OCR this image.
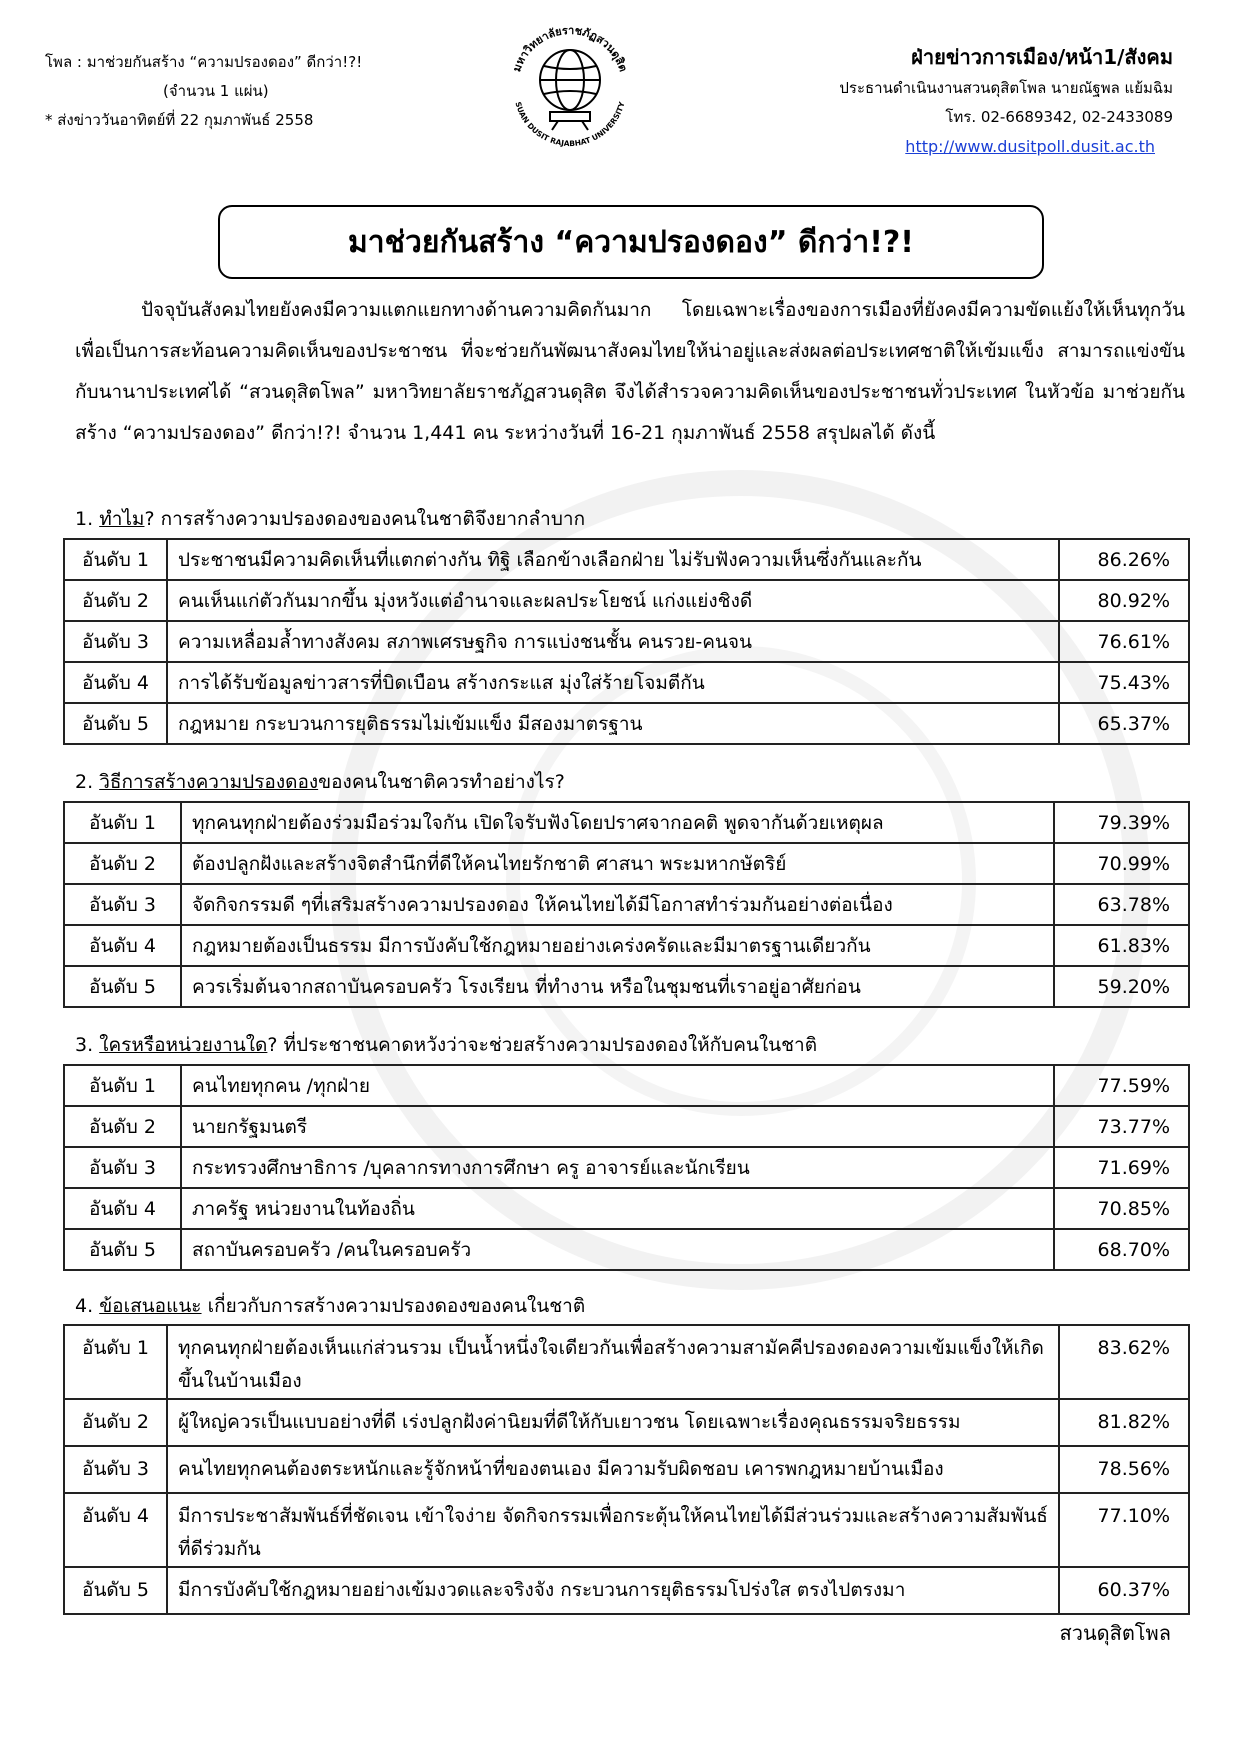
โพล : มาช่วยกันสร้าง “ความปรองดอง” ดีกว่า!?!
(จำนวน 1 แผ่น)
* ส่งข่าววันอาทิตย์ที่ 22 กุมภาพันธ์ 2558
มหาวิทยาลัยราชภัฏสวนดุสิต
SUAN DUSIT RAJABHAT UNIVERSITY
ฝ่ายข่าวการเมือง/หน้า1/สังคม
ประธานดำเนินงานสวนดุสิตโพล นายณัฐพล แย้มฉิม
โทร. 02-6689342, 02-2433089
http://www.dusitpoll.dusit.ac.th
มาช่วยกันสร้าง “ความปรองดอง” ดีกว่า!?!
ปัจจุบันสังคมไทยยังคงมีความแตกแยกทางด้านความคิดกันมาก โดยเฉพาะเรื่องของการเมืองที่ยังคงมีความขัดแย้งให้เห็นทุกวัน เพื่อเป็นการสะท้อนความคิดเห็นของประชาชน ที่จะช่วยกันพัฒนาสังคมไทยให้น่าอยู่และส่งผลต่อประเทศชาติให้เข้มแข็ง สามารถแข่งขันกับนานาประเทศได้ “สวนดุสิตโพล” มหาวิทยาลัยราชภัฏสวนดุสิต จึงได้สำรวจความคิดเห็นของประชาชนทั่วประเทศ ในหัวข้อ มาช่วยกันสร้าง “ความปรองดอง” ดีกว่า!?! จำนวน 1,441 คน ระหว่างวันที่ 16-21 กุมภาพันธ์ 2558 สรุปผลได้ ดังนี้
1. ทำไม? การสร้างความปรองดองของคนในชาติจึงยากลำบาก
อันดับ 1	ประชาชนมีความคิดเห็นที่แตกต่างกัน ทิฐิ เลือกข้างเลือกฝ่าย ไม่รับฟังความเห็นซึ่งกันและกัน	86.26%
อันดับ 2	คนเห็นแก่ตัวกันมากขึ้น มุ่งหวังแต่อำนาจและผลประโยชน์ แก่งแย่งชิงดี	80.92%
อันดับ 3	ความเหลื่อมล้ำทางสังคม สภาพเศรษฐกิจ การแบ่งชนชั้น คนรวย-คนจน	76.61%
อันดับ 4	การได้รับข้อมูลข่าวสารที่บิดเบือน สร้างกระแส มุ่งใส่ร้ายโจมตีกัน	75.43%
อันดับ 5	กฎหมาย กระบวนการยุติธรรมไม่เข้มแข็ง มีสองมาตรฐาน	65.37%
2. วิธีการสร้างความปรองดองของคนในชาติควรทำอย่างไร?
อันดับ 1	ทุกคนทุกฝ่ายต้องร่วมมือร่วมใจกัน เปิดใจรับฟังโดยปราศจากอคติ พูดจากันด้วยเหตุผล	79.39%
อันดับ 2	ต้องปลูกฝังและสร้างจิตสำนึกที่ดีให้คนไทยรักชาติ ศาสนา พระมหากษัตริย์	70.99%
อันดับ 3	จัดกิจกรรมดี ๆที่เสริมสร้างความปรองดอง ให้คนไทยได้มีโอกาสทำร่วมกันอย่างต่อเนื่อง	63.78%
อันดับ 4	กฎหมายต้องเป็นธรรม มีการบังคับใช้กฎหมายอย่างเคร่งครัดและมีมาตรฐานเดียวกัน	61.83%
อันดับ 5	ควรเริ่มต้นจากสถาบันครอบครัว โรงเรียน ที่ทำงาน หรือในชุมชนที่เราอยู่อาศัยก่อน	59.20%
3. ใครหรือหน่วยงานใด? ที่ประชาชนคาดหวังว่าจะช่วยสร้างความปรองดองให้กับคนในชาติ
อันดับ 1	คนไทยทุกคน /ทุกฝ่าย	77.59%
อันดับ 2	นายกรัฐมนตรี	73.77%
อันดับ 3	กระทรวงศึกษาธิการ /บุคลากรทางการศึกษา ครู อาจารย์และนักเรียน	71.69%
อันดับ 4	ภาครัฐ หน่วยงานในท้องถิ่น	70.85%
อันดับ 5	สถาบันครอบครัว /คนในครอบครัว	68.70%
4. ข้อเสนอแนะ เกี่ยวกับการสร้างความปรองดองของคนในชาติ
อันดับ 1	ทุกคนทุกฝ่ายต้องเห็นแก่ส่วนรวม เป็นน้ำหนึ่งใจเดียวกันเพื่อสร้างความสามัคคีปรองดองความเข้มแข็งให้เกิดขึ้นในบ้านเมือง	83.62%
อันดับ 2	ผู้ใหญ่ควรเป็นแบบอย่างที่ดี เร่งปลูกฝังค่านิยมที่ดีให้กับเยาวชน โดยเฉพาะเรื่องคุณธรรมจริยธรรม	81.82%
อันดับ 3	คนไทยทุกคนต้องตระหนักและรู้จักหน้าที่ของตนเอง มีความรับผิดชอบ เคารพกฎหมายบ้านเมือง	78.56%
อันดับ 4	มีการประชาสัมพันธ์ที่ชัดเจน เข้าใจง่าย จัดกิจกรรมเพื่อกระตุ้นให้คนไทยได้มีส่วนร่วมและสร้างความสัมพันธ์ที่ดีร่วมกัน	77.10%
อันดับ 5	มีการบังคับใช้กฎหมายอย่างเข้มงวดและจริงจัง กระบวนการยุติธรรมโปร่งใส ตรงไปตรงมา	60.37%
สวนดุสิตโพล
